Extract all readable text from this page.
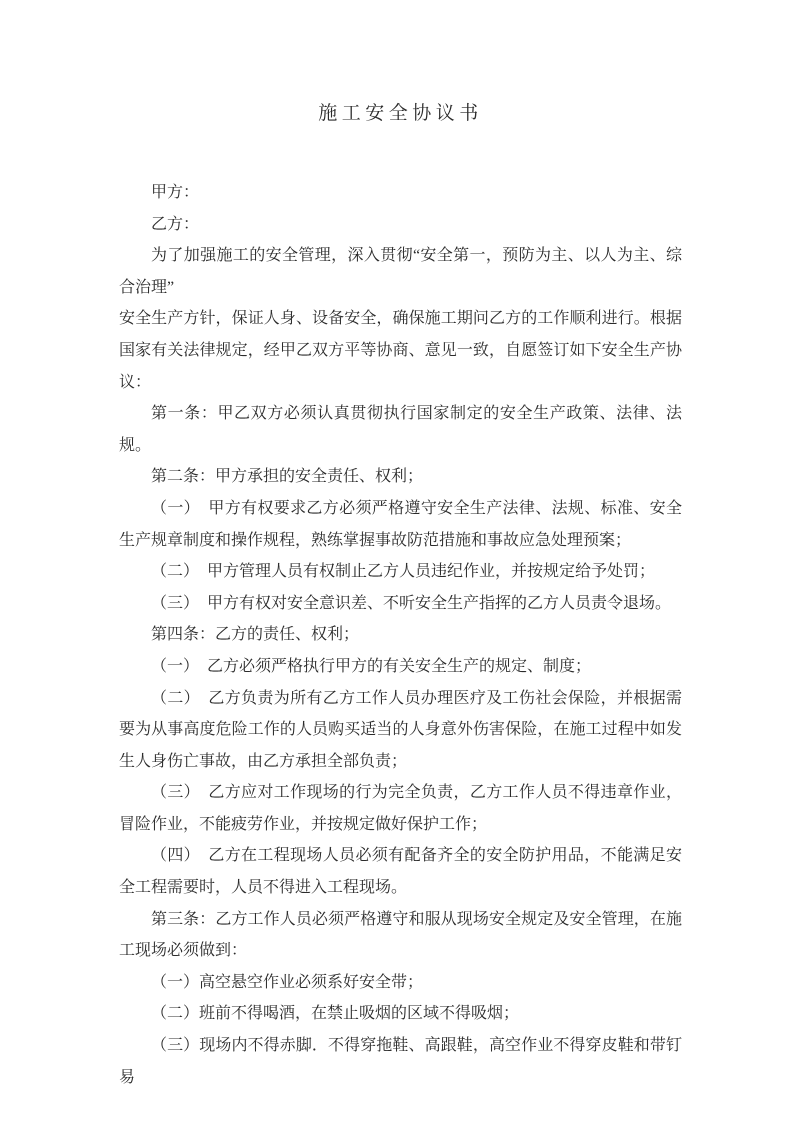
施工安全协议书

甲方：

乙方：

为了加强施工的安全管理，深入贯彻“安全第一，预防为主、以人为主、综合治理”

安全生产方针，保证人身、设备安全，确保施工期问乙方的工作顺利进行。根据国家有关法律规定，经甲乙双方平等协商、意见一致，自愿签订如下安全生产协议：

第一条：甲乙双方必须认真贯彻执行国家制定的安全生产政策、法律、法规。

第二条：甲方承担的安全责任、权利；

（一）　甲方有权要求乙方必须严格遵守安全生产法律、法规、标准、安全生产规章制度和操作规程，熟练掌握事故防范措施和事故应急处理预案；

（二）　甲方管理人员有权制止乙方人员违纪作业，并按规定给予处罚；

（三）　甲方有权对安全意识差、不听安全生产指挥的乙方人员责令退场。

第四条：乙方的责任、权利；

（一）　乙方必须严格执行甲方的有关安全生产的规定、制度；

（二）　乙方负责为所有乙方工作人员办理医疗及工伤社会保险，并根据需要为从事高度危险工作的人员购买适当的人身意外伤害保险，在施工过程中如发生人身伤亡事故，由乙方承担全部负责；

（三）　乙方应对工作现场的行为完全负责，乙方工作人员不得违章作业，冒险作业，不能疲劳作业，并按规定做好保护工作；

（四）　乙方在工程现场人员必须有配备齐全的安全防护用品，不能满足安全工程需要时，人员不得进入工程现场。

第三条：乙方工作人员必须严格遵守和服从现场安全规定及安全管理，在施工现场必须做到：

（一）高空悬空作业必须系好安全带；

（二）班前不得喝酒，在禁止吸烟的区域不得吸烟；

（三）现场内不得赤脚．不得穿拖鞋、高跟鞋，高空作业不得穿皮鞋和带钉易
